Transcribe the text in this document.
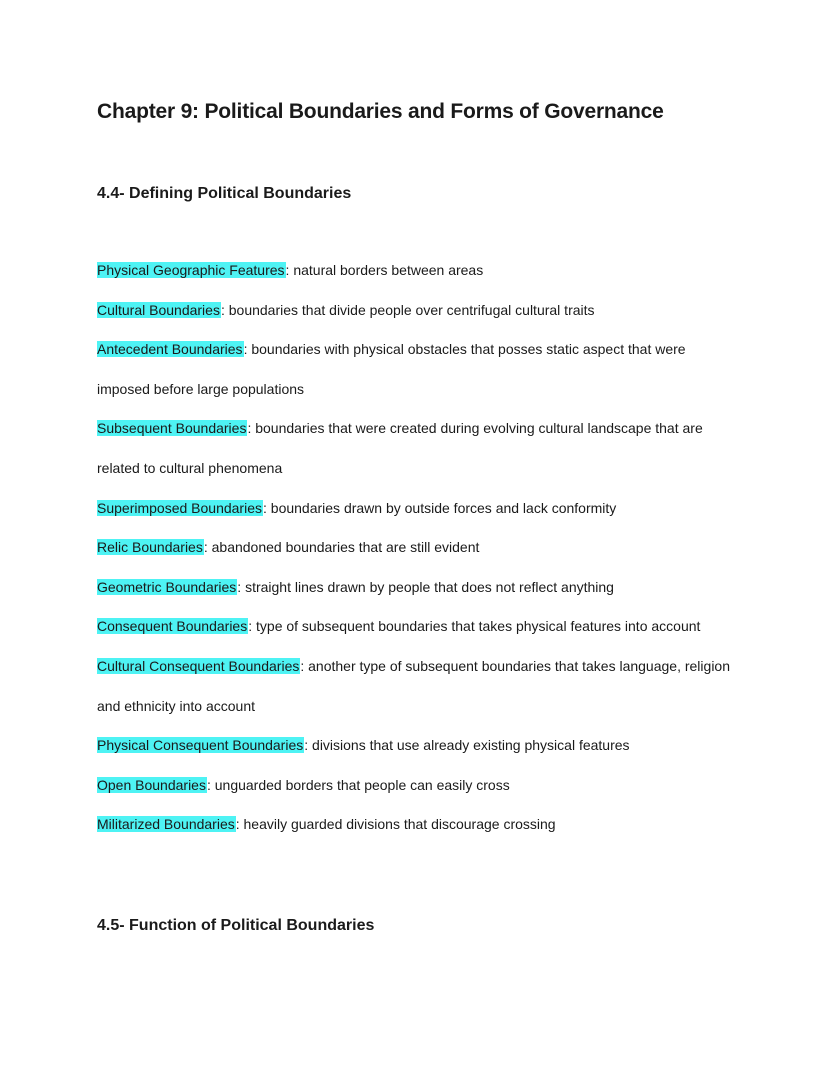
Chapter 9: Political Boundaries and Forms of Governance
4.4- Defining Political Boundaries
Physical Geographic Features: natural borders between areas
Cultural Boundaries: boundaries that divide people over centrifugal cultural traits
Antecedent Boundaries: boundaries with physical obstacles that posses static aspect that were imposed before large populations
Subsequent Boundaries: boundaries that were created during evolving cultural landscape that are related to cultural phenomena
Superimposed Boundaries: boundaries drawn by outside forces and lack conformity
Relic Boundaries: abandoned boundaries that are still evident
Geometric Boundaries: straight lines drawn by people that does not reflect anything
Consequent Boundaries: type of subsequent boundaries that takes physical features into account
Cultural Consequent Boundaries: another type of subsequent boundaries that takes language, religion and ethnicity into account
Physical Consequent Boundaries: divisions that use already existing physical features
Open Boundaries: unguarded borders that people can easily cross
Militarized Boundaries: heavily guarded divisions that discourage crossing
4.5- Function of Political Boundaries
